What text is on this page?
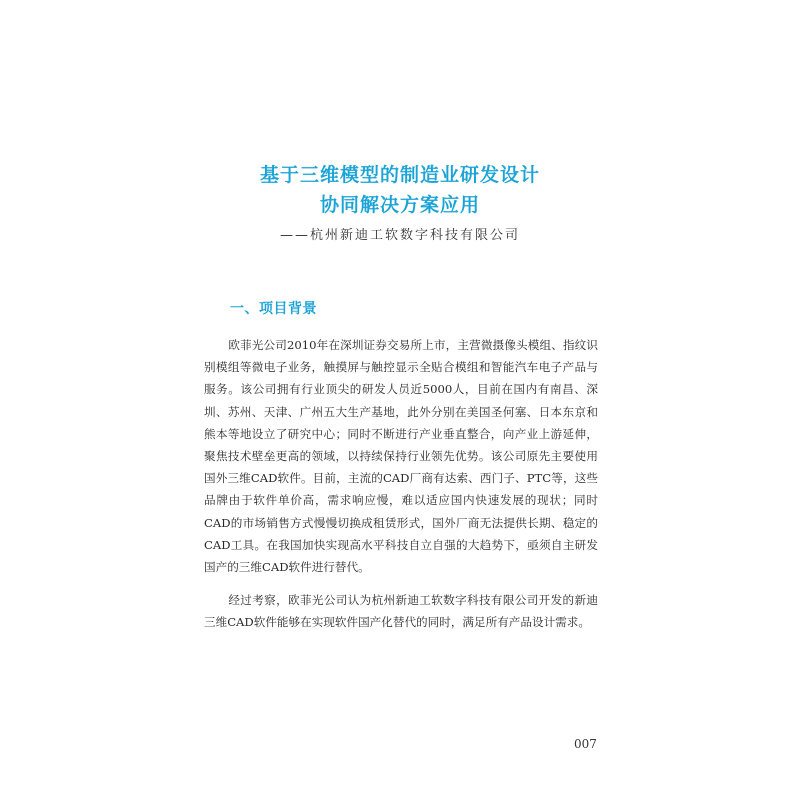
基于三维模型的制造业研发设计
协同解决方案应用

——杭州新迪工软数字科技有限公司

一、项目背景

欧菲光公司2010年在深圳证券交易所上市，主营微摄像头模组、指纹识别模组等微电子业务，触摸屏与触控显示全贴合模组和智能汽车电子产品与服务。该公司拥有行业顶尖的研发人员近5000人，目前在国内有南昌、深圳、苏州、天津、广州五大生产基地，此外分别在美国圣何塞、日本东京和熊本等地设立了研究中心；同时不断进行产业垂直整合，向产业上游延伸，聚焦技术壁垒更高的领域，以持续保持行业领先优势。该公司原先主要使用国外三维CAD软件。目前，主流的CAD厂商有达索、西门子、PTC等，这些品牌由于软件单价高，需求响应慢，难以适应国内快速发展的现状；同时CAD的市场销售方式慢慢切换成租赁形式，国外厂商无法提供长期、稳定的CAD工具。在我国加快实现高水平科技自立自强的大趋势下，亟须自主研发国产的三维CAD软件进行替代。

经过考察，欧菲光公司认为杭州新迪工软数字科技有限公司开发的新迪三维CAD软件能够在实现软件国产化替代的同时，满足所有产品设计需求。

007
